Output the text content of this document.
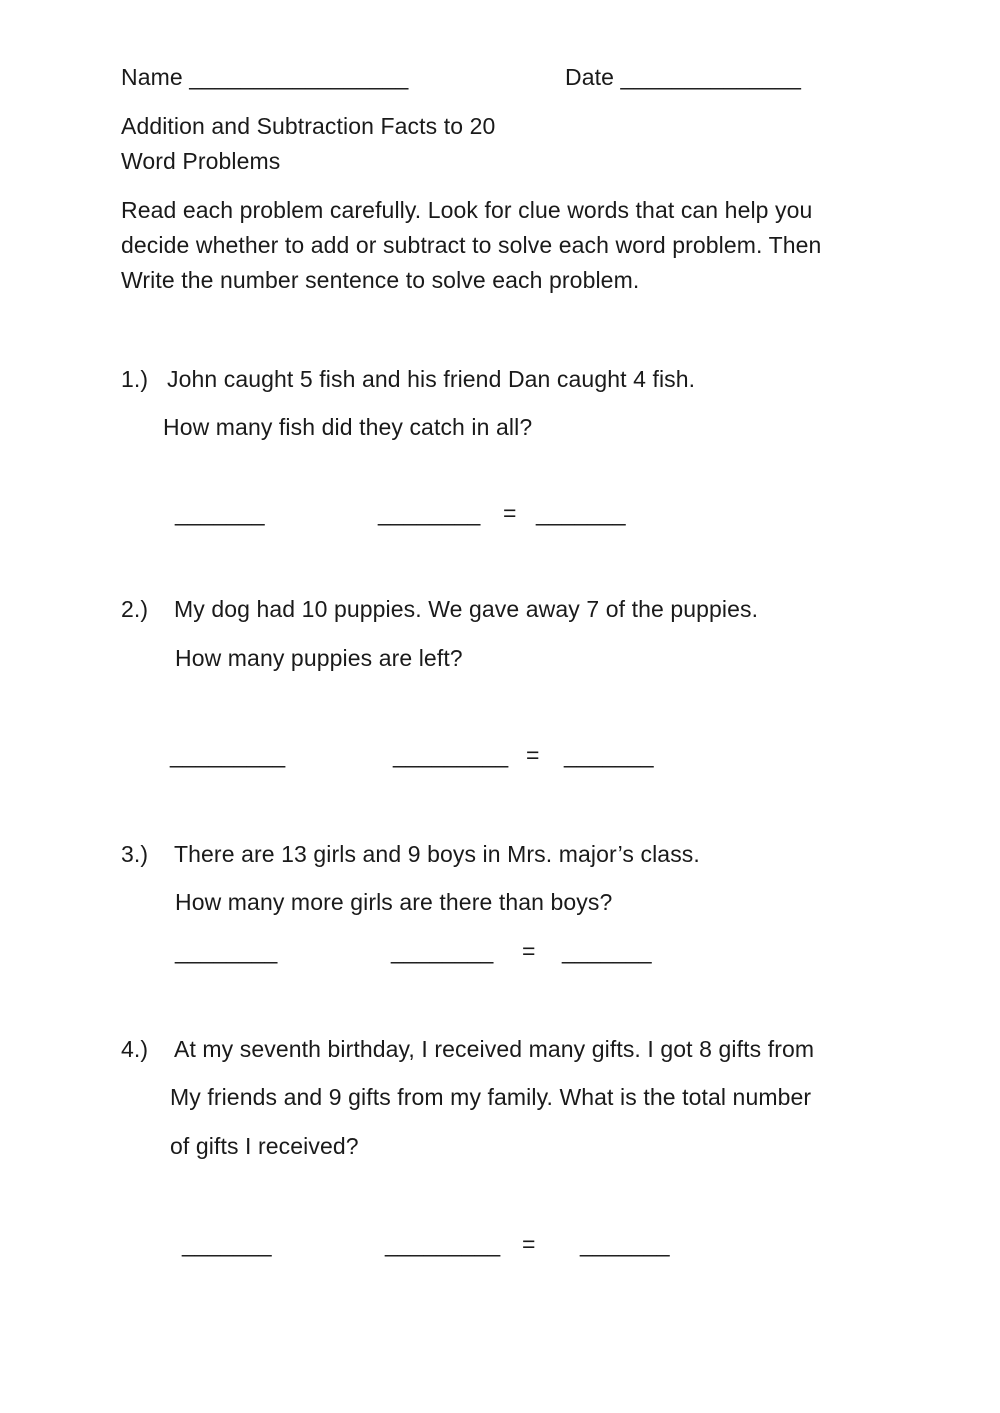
Name _________________	Date ______________
Addition and Subtraction Facts to 20
Word Problems
Read each problem carefully. Look for clue words that can help you
decide whether to add or subtract to solve each word problem. Then
Write the number sentence to solve each problem.
1.) John caught 5 fish and his friend Dan caught 4 fish.
How many fish did they catch in all?
_______	________ = _______
2.) My dog had 10 puppies. We gave away 7 of the puppies.
How many puppies are left?
_________	_________ = _______
3.) There are 13 girls and 9 boys in Mrs. major’s class.
How many more girls are there than boys?
________	________ = _______
4.) At my seventh birthday, I received many gifts. I got 8 gifts from
My friends and 9 gifts from my family. What is the total number
of gifts I received?
_______	_________ = _______
